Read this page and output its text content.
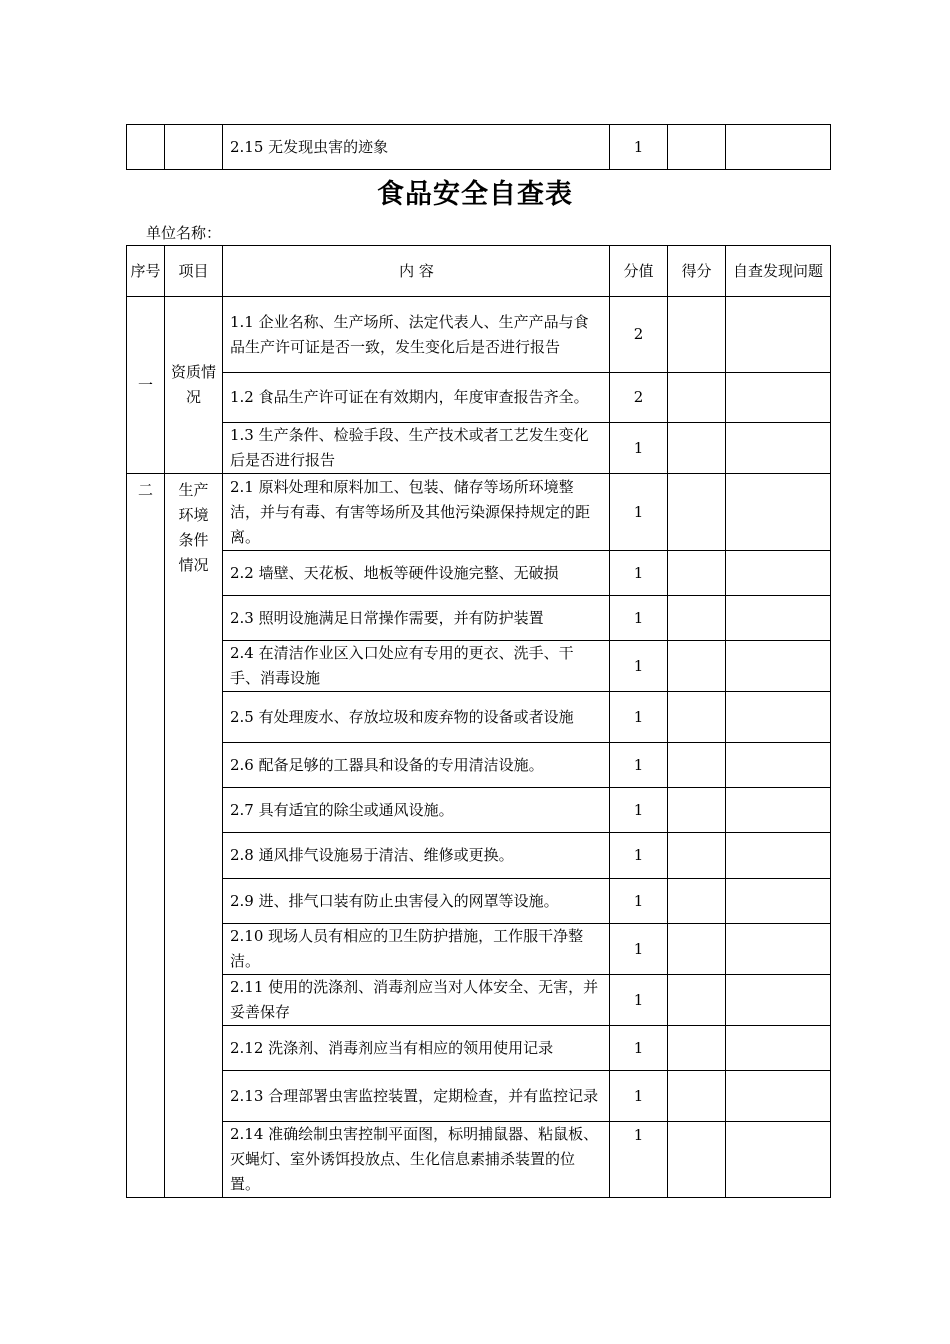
		2.15 无发现虫害的迹象	1		
食品安全自查表
单位名称：
序号	项目	内 容	分值	得分	自查发现问题
一	资质情况	1.1 企业名称、生产场所、法定代表人、生产产品与食品生产许可证是否一致，发生变化后是否进行报告	2		
		1.2 食品生产许可证在有效期内，年度审查报告齐全。	2		
		1.3 生产条件、检验手段、生产技术或者工艺发生变化后是否进行报告	1		
二	生产环境条件情况	2.1 原料处理和原料加工、包装、储存等场所环境整洁，并与有毒、有害等场所及其他污染源保持规定的距离。	1		
		2.2 墙壁、天花板、地板等硬件设施完整、无破损	1		
		2.3 照明设施满足日常操作需要，并有防护装置	1		
		2.4 在清洁作业区入口处应有专用的更衣、洗手、干手、消毒设施	1		
		2.5 有处理废水、存放垃圾和废弃物的设备或者设施	1		
		2.6 配备足够的工器具和设备的专用清洁设施。	1		
		2.7 具有适宜的除尘或通风设施。	1		
		2.8 通风排气设施易于清洁、维修或更换。	1		
		2.9 进、排气口装有防止虫害侵入的网罩等设施。	1		
		2.10 现场人员有相应的卫生防护措施，工作服干净整洁。	1		
		2.11 使用的洗涤剂、消毒剂应当对人体安全、无害，并妥善保存	1		
		2.12 洗涤剂、消毒剂应当有相应的领用使用记录	1		
		2.13 合理部署虫害监控装置，定期检查，并有监控记录	1		
		2.14 准确绘制虫害控制平面图，标明捕鼠器、粘鼠板、灭蝇灯、室外诱饵投放点、生化信息素捕杀装置的位置。	1		
